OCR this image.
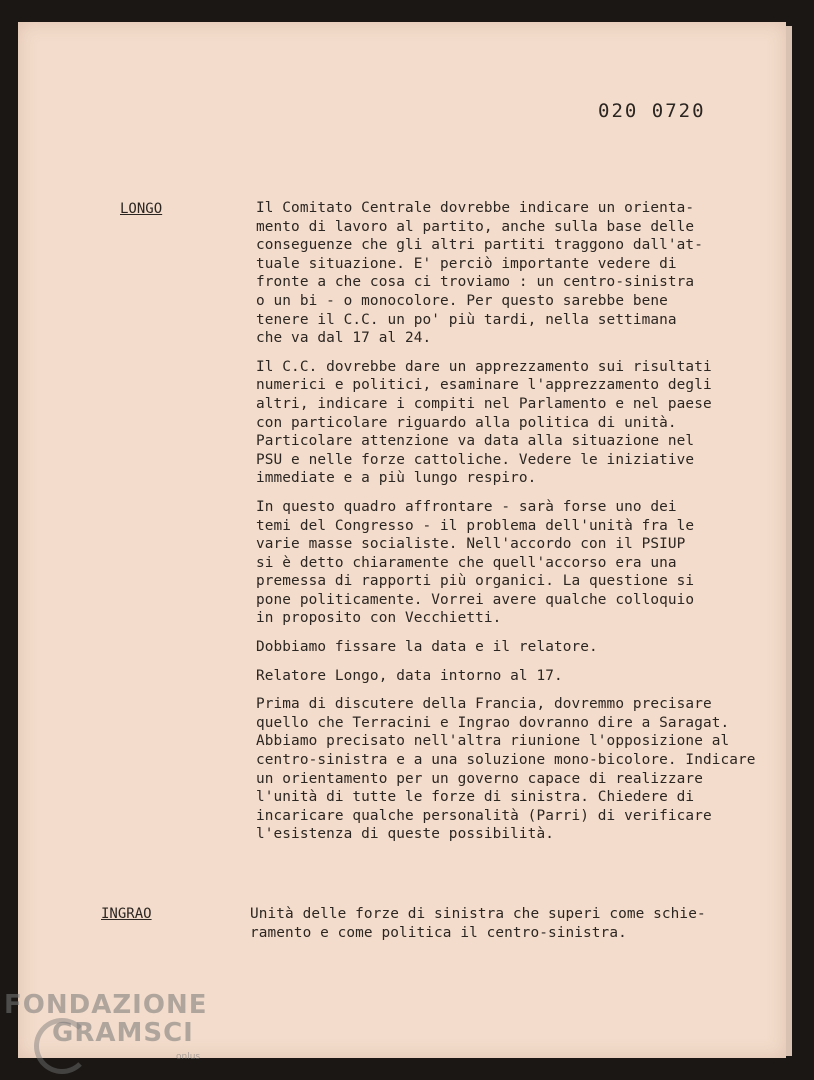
020 0720
LONGO	Il Comitato Centrale dovrebbe indicare un orienta-
mento di lavoro al partito, anche sulla base delle
conseguenze che gli altri partiti traggono dall'at-
tuale situazione. E' perciò importante vedere di
fronte a che cosa ci troviamo : un centro-sinistra
o un bi - o monocolore. Per questo sarebbe bene
tenere il C.C. un po' più tardi, nella settimana
che va dal 17 al 24.

Il C.C. dovrebbe dare un apprezzamento sui risultati
numerici e politici, esaminare l'apprezzamento degli
altri, indicare i compiti nel Parlamento e nel paese
con particolare riguardo alla politica di unità.
Particolare attenzione va data alla situazione nel
PSU e nelle forze cattoliche. Vedere le iniziative
immediate e a più lungo respiro.

In questo quadro affrontare - sarà forse uno dei
temi del Congresso - il problema dell'unità fra le
varie masse socialiste. Nell'accordo con il PSIUP
si è detto chiaramente che quell'accorso era una
premessa di rapporti più organici. La questione si
pone politicamente. Vorrei avere qualche colloquio
in proposito con Vecchietti.

Dobbiamo fissare la data e il relatore.

Relatore Longo, data intorno al 17.

Prima di discutere della Francia, dovremmo precisare
quello che Terracini e Ingrao dovranno dire a Saragat.
Abbiamo precisato nell'altra riunione l'opposizione al
centro-sinistra e a una soluzione mono-bicolore. Indicare
un orientamento per un governo capace di realizzare
l'unità di tutte le forze di sinistra. Chiedere di
incaricare qualche personalità (Parri) di verificare
l'esistenza di queste possibilità.

INGRAO	Unità delle forze di sinistra che superi come schie-
ramento e come politica il centro-sinistra.

FONDAZIONE
GRAMSCI
onlus
